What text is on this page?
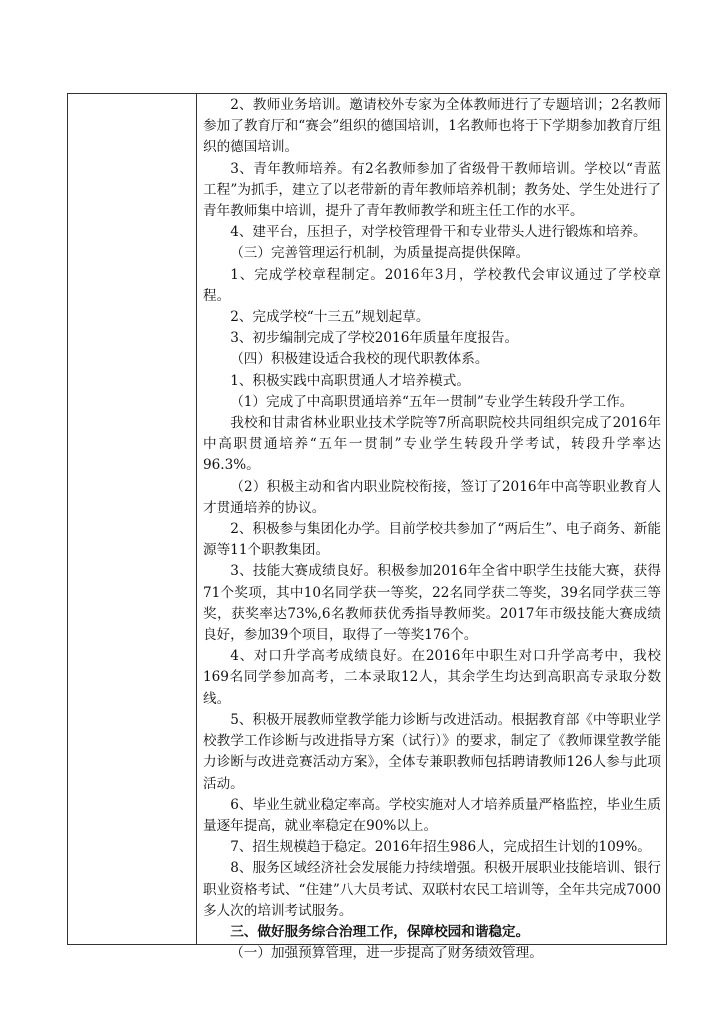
2、教师业务培训。邀请校外专家为全体教师进行了专题培训；2名教师参加了教育厅和“赛会”组织的德国培训，1名教师也将于下学期参加教育厅组织的德国培训。

3、青年教师培养。有2名教师参加了省级骨干教师培训。学校以“青蓝工程”为抓手，建立了以老带新的青年教师培养机制；教务处、学生处进行了青年教师集中培训，提升了青年教师教学和班主任工作的水平。

4、建平台，压担子，对学校管理骨干和专业带头人进行锻炼和培养。

（三）完善管理运行机制，为质量提高提供保障。

1、完成学校章程制定。2016年3月，学校教代会审议通过了学校章程。

2、完成学校“十三五”规划起草。

3、初步编制完成了学校2016年质量年度报告。

（四）积极建设适合我校的现代职教体系。

1、积极实践中高职贯通人才培养模式。

（1）完成了中高职贯通培养“五年一贯制”专业学生转段升学工作。

我校和甘肃省林业职业技术学院等7所高职院校共同组织完成了2016年中高职贯通培养“五年一贯制”专业学生转段升学考试，转段升学率达96.3%。

（2）积极主动和省内职业院校衔接，签订了2016年中高等职业教育人才贯通培养的协议。

2、积极参与集团化办学。目前学校共参加了“两后生”、电子商务、新能源等11个职教集团。

3、技能大赛成绩良好。积极参加2016年全省中职学生技能大赛，获得71个奖项，其中10名同学获一等奖，22名同学获二等奖，39名同学获三等奖，获奖率达73%,6名教师获优秀指导教师奖。2017年市级技能大赛成绩良好，参加39个项目，取得了一等奖176个。

4、对口升学高考成绩良好。在2016年中职生对口升学高考中，我校169名同学参加高考，二本录取12人，其余学生均达到高职高专录取分数线。

5、积极开展教师堂教学能力诊断与改进活动。根据教育部《中等职业学校教学工作诊断与改进指导方案（试行）》的要求，制定了《教师课堂教学能力诊断与改进竞赛活动方案》，全体专兼职教师包括聘请教师126人参与此项活动。

6、毕业生就业稳定率高。学校实施对人才培养质量严格监控，毕业生质量逐年提高，就业率稳定在90%以上。

7、招生规模趋于稳定。2016年招生986人，完成招生计划的109%。

8、服务区域经济社会发展能力持续增强。积极开展职业技能培训、银行职业资格考试、“住建”八大员考试、双联村农民工培训等，全年共完成7000多人次的培训考试服务。

三、做好服务综合治理工作，保障校园和谐稳定。

（一）加强预算管理，进一步提高了财务绩效管理。
